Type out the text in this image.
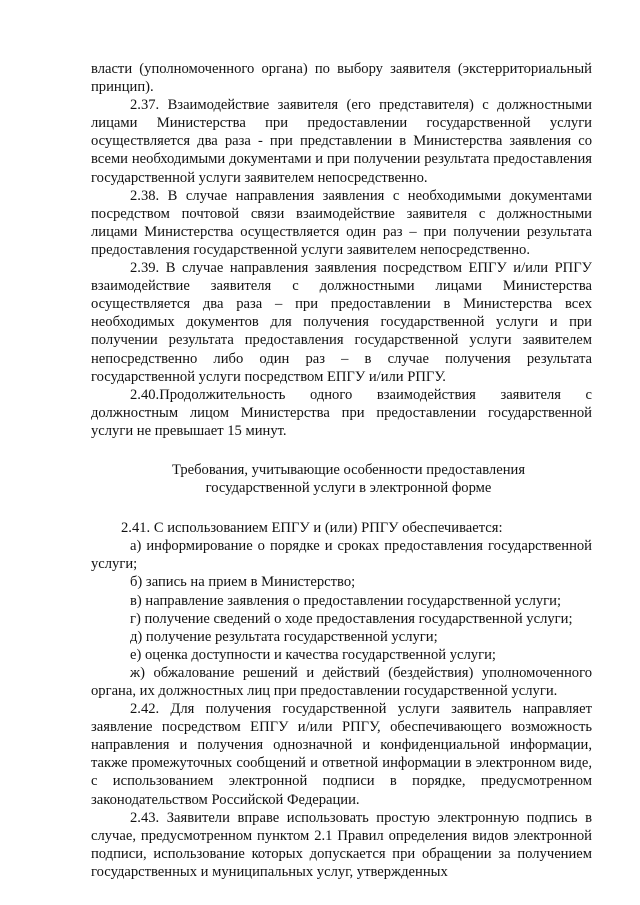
власти (уполномоченного органа) по выбору заявителя (экстерриториальный принцип).

2.37. Взаимодействие заявителя (его представителя) с должностными лицами Министерства при предоставлении государственной услуги осуществляется два раза - при представлении в Министерства заявления со всеми необходимыми документами и при получении результата предоставления государственной услуги заявителем непосредственно.

2.38. В случае направления заявления с необходимыми документами посредством почтовой связи взаимодействие заявителя с должностными лицами Министерства осуществляется один раз – при получении результата предоставления государственной услуги заявителем непосредственно.

2.39. В случае направления заявления посредством ЕПГУ и/или РПГУ взаимодействие заявителя с должностными лицами Министерства осуществляется два раза – при предоставлении в Министерства всех необходимых документов для получения государственной услуги и при получении результата предоставления государственной услуги заявителем непосредственно либо один раз – в случае получения результата государственной услуги посредством ЕПГУ и/или РПГУ.

2.40.Продолжительность одного взаимодействия заявителя с должностным лицом Министерства при предоставлении государственной услуги не превышает 15 минут.

Требования, учитывающие особенности предоставления
государственной услуги в электронной форме

2.41. С использованием ЕПГУ и (или) РПГУ обеспечивается:

а) информирование о порядке и сроках предоставления государственной услуги;

б) запись на прием в Министерство;

в) направление заявления о предоставлении государственной услуги;

г) получение сведений о ходе предоставления государственной услуги;

д) получение результата государственной услуги;

е) оценка доступности и качества государственной услуги;

ж) обжалование решений и действий (бездействия) уполномоченного органа, их должностных лиц при предоставлении государственной услуги.

2.42. Для получения государственной услуги заявитель направляет заявление посредством ЕПГУ и/или РПГУ, обеспечивающего возможность направления и получения однозначной и конфиденциальной информации, также промежуточных сообщений и ответной информации в электронном виде, с использованием электронной подписи в порядке, предусмотренном законодательством Российской Федерации.

2.43. Заявители вправе использовать простую электронную подпись в случае, предусмотренном пунктом 2.1 Правил определения видов электронной подписи, использование которых допускается при обращении за получением государственных и муниципальных услуг, утвержденных
